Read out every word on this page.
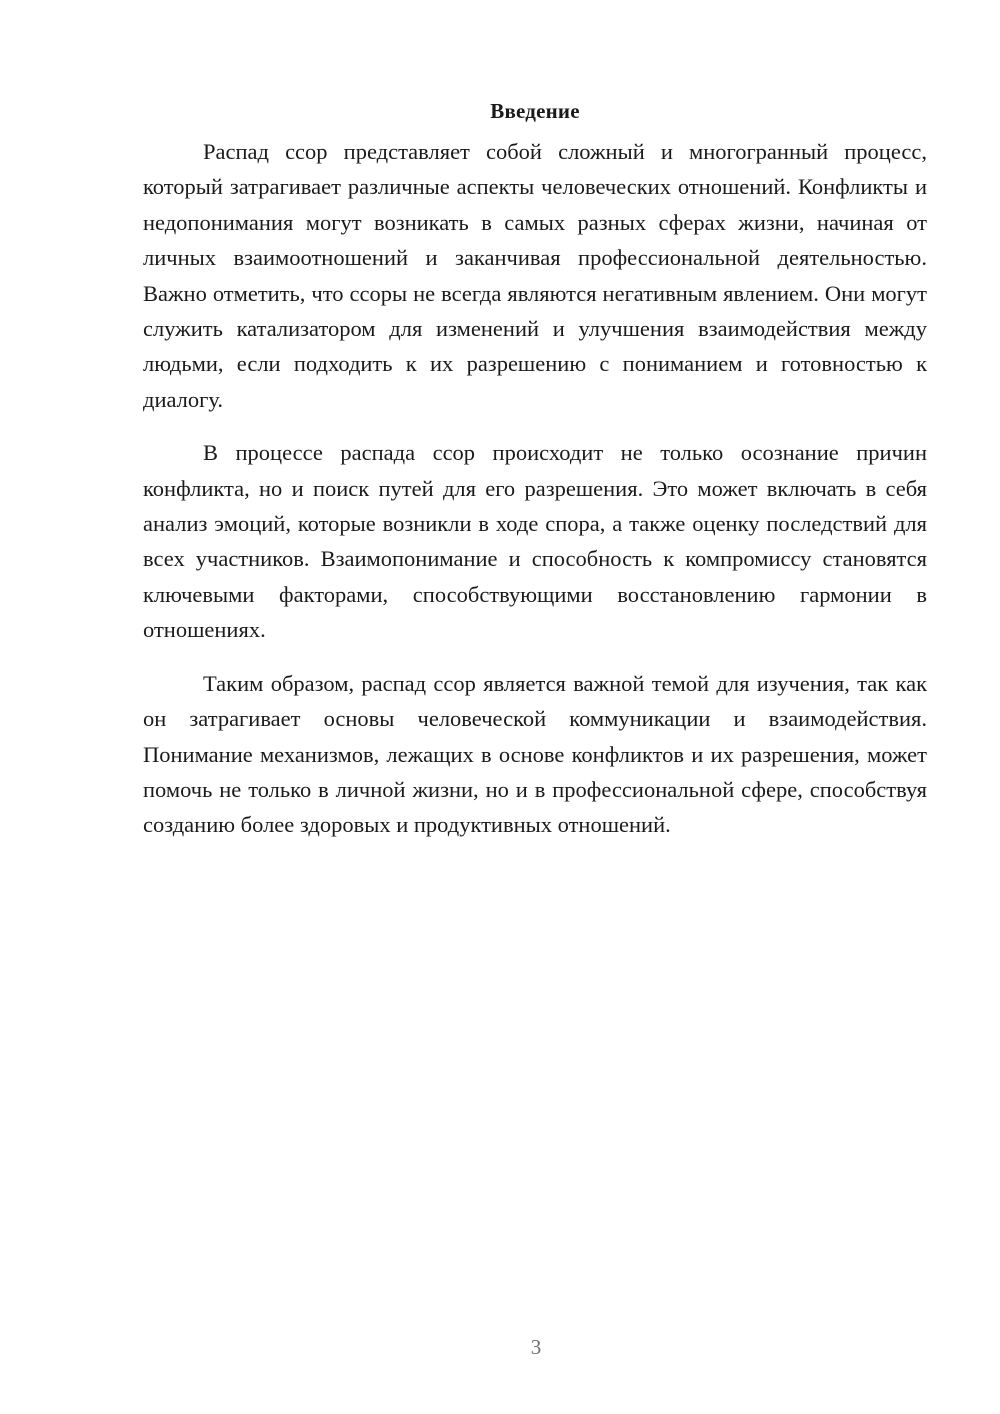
Введение

Распад ссор представляет собой сложный и многогранный процесс, который затрагивает различные аспекты человеческих отношений. Конфликты и недопонимания могут возникать в самых разных сферах жизни, начиная от личных взаимоотношений и заканчивая профессиональной деятельностью. Важно отметить, что ссоры не всегда являются негативным явлением. Они могут служить катализатором для изменений и улучшения взаимодействия между людьми, если подходить к их разрешению с пониманием и готовностью к диалогу.

В процессе распада ссор происходит не только осознание причин конфликта, но и поиск путей для его разрешения. Это может включать в себя анализ эмоций, которые возникли в ходе спора, а также оценку последствий для всех участников. Взаимопонимание и способность к компромиссу становятся ключевыми факторами, способствующими восстановлению гармонии в отношениях.

Таким образом, распад ссор является важной темой для изучения, так как он затрагивает основы человеческой коммуникации и взаимодействия. Понимание механизмов, лежащих в основе конфликтов и их разрешения, может помочь не только в личной жизни, но и в профессиональной сфере, способствуя созданию более здоровых и продуктивных отношений.

3
